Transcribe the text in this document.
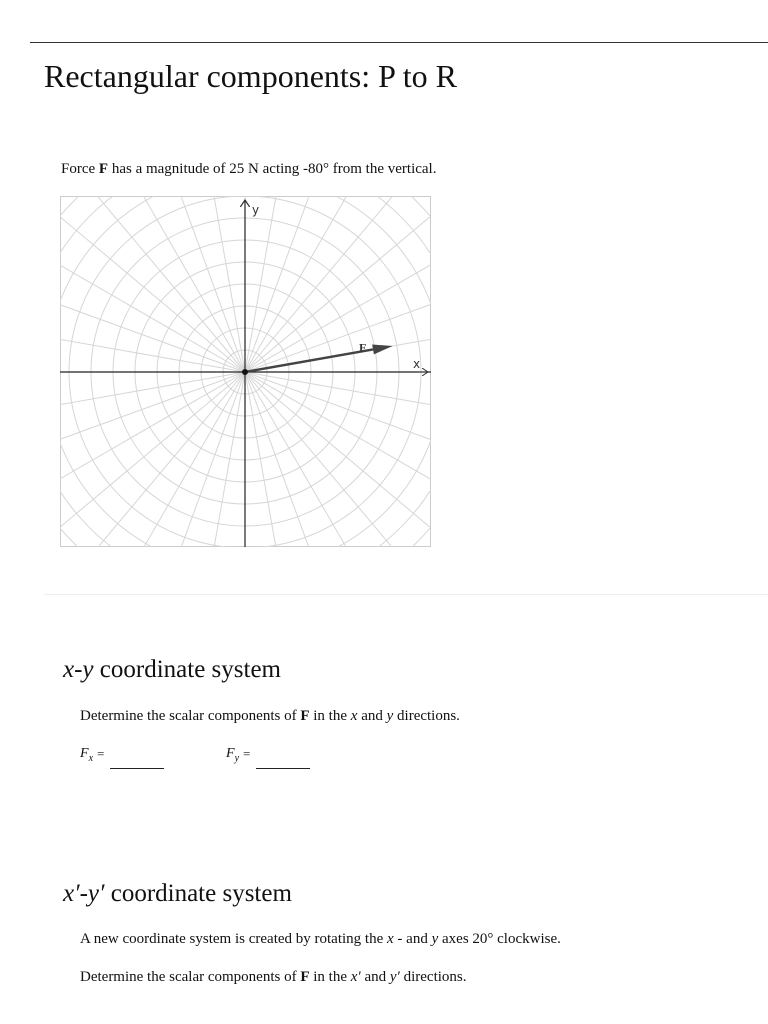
Rectangular components: P to R

Force F has a magnitude of 25 N acting -80° from the vertical.

y
x
F
x-y coordinate system

Determine the scalar components of F in the x and y directions.

$F_x$ =	$F_y$ =
x′-y′ coordinate system

A new coordinate system is created by rotating the x - and y axes 20° clockwise.

Determine the scalar components of F in the x′ and y′ directions.
